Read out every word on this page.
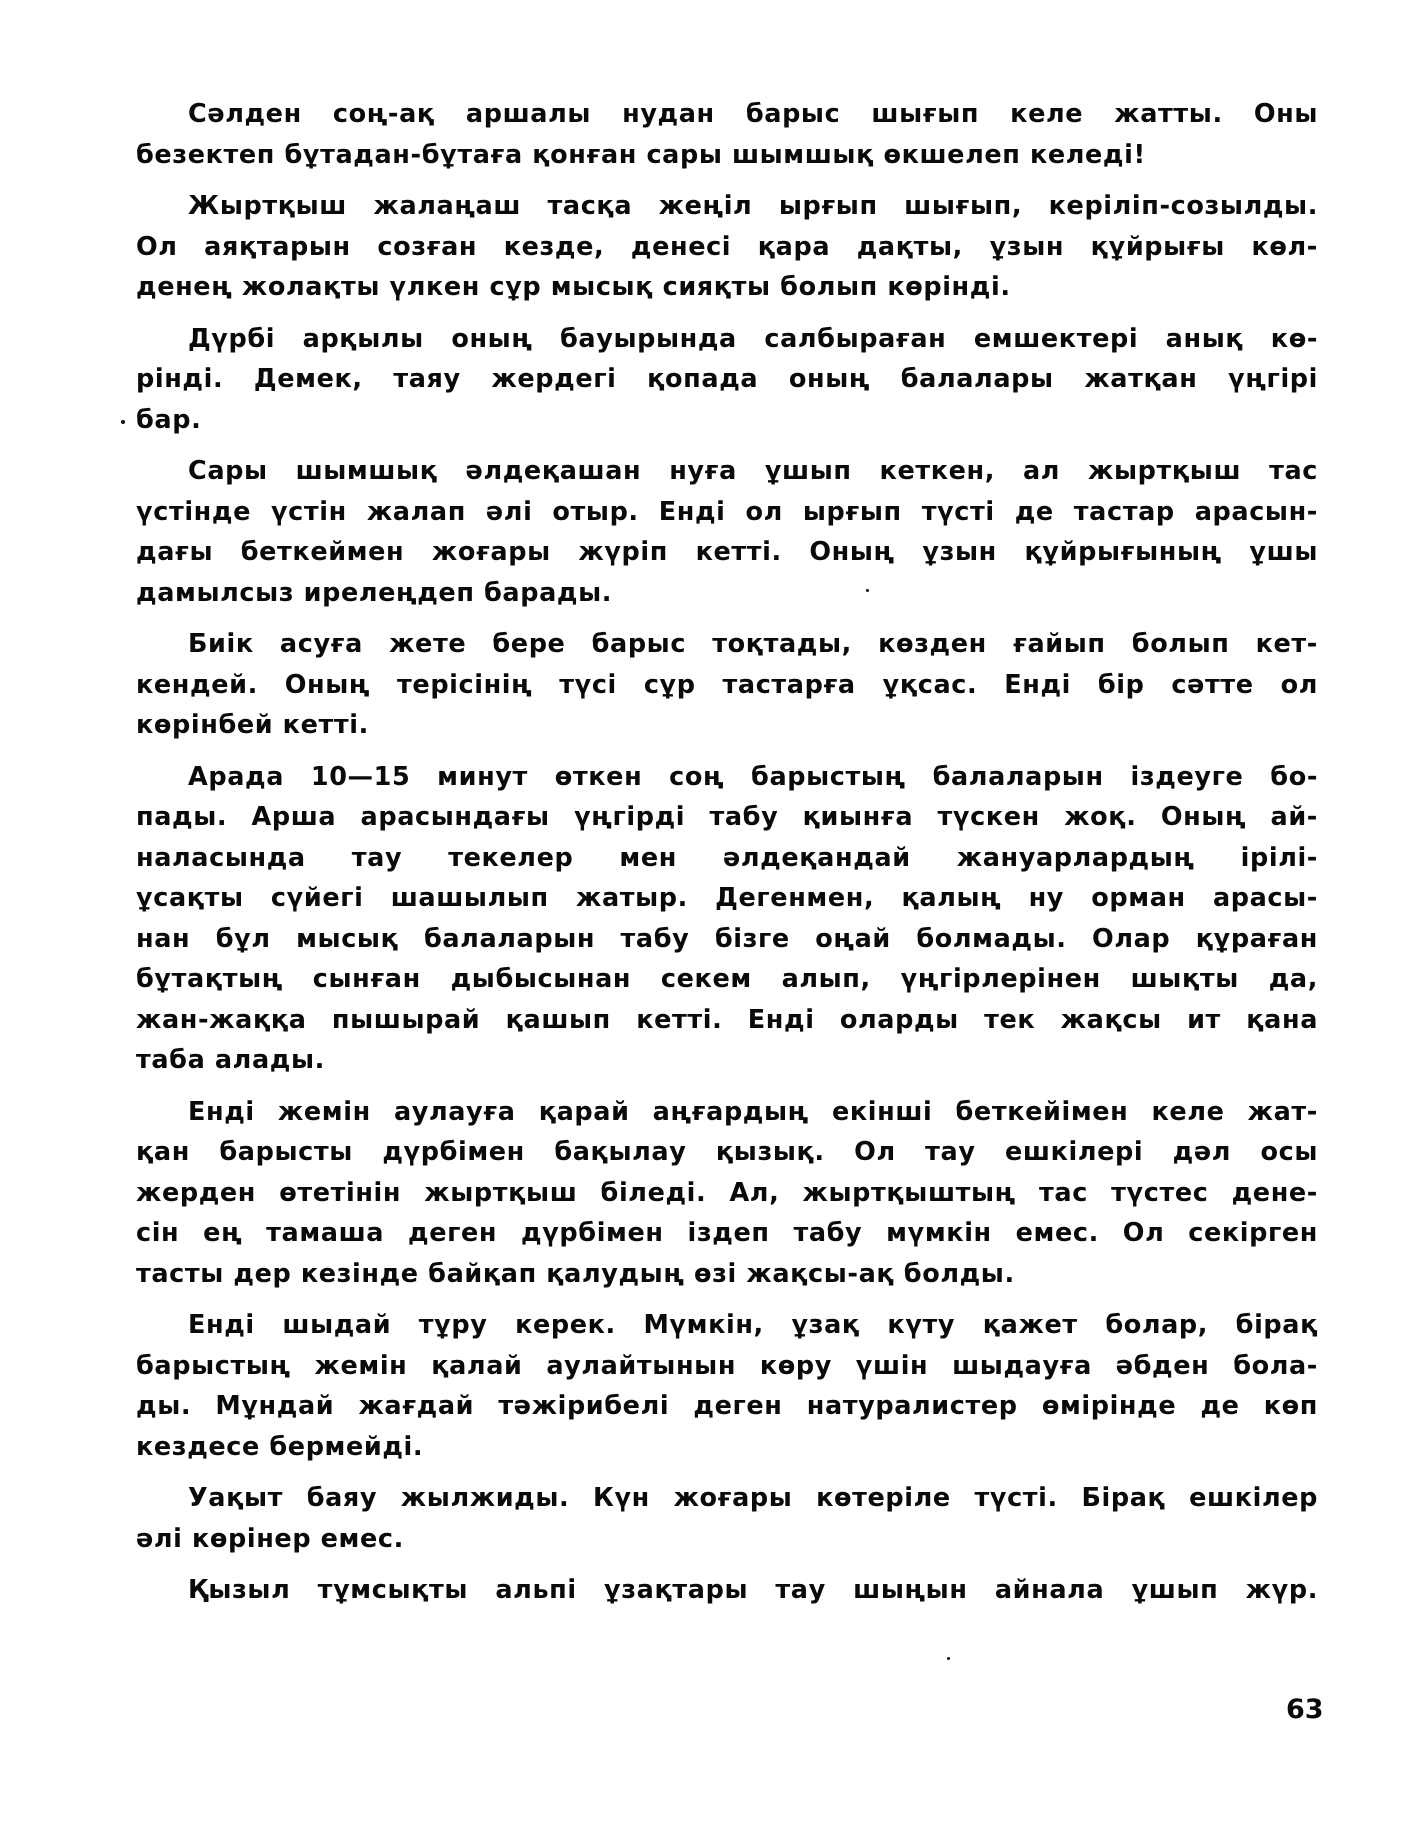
Сәлден соң-ақ аршалы нудан барыс шығып келе жатты. Оны
безектеп бұтадан-бұтаға қонған сары шымшық өкшелеп келеді!
Жыртқыш жалаңаш тасқа жеңіл ырғып шығып, керіліп-созылды.
Ол аяқтарын созған кезде, денесі қара дақты, ұзын құйрығы көл-
денең жолақты үлкен сұр мысық сияқты болып көрінді.
Дүрбі арқылы оның бауырында салбыраған емшектері анық кө-
рінді. Демек, таяу жердегі қопада оның балалары жатқан үңгірі
бар.
Сары шымшық әлдеқашан нуға ұшып кеткен, ал жыртқыш тас
үстінде үстін жалап әлі отыр. Енді ол ырғып түсті де тастар арасын-
дағы беткеймен жоғары жүріп кетті. Оның ұзын құйрығының ұшы
дамылсыз ирелеңдеп барады.
Биік асуға жете бере барыс тоқтады, көзден ғайып болып кет-
кендей. Оның терісінің түсі сұр тастарға ұқсас. Енді бір сәтте ол
көрінбей кетті.
Арада 10—15 минут өткен соң барыстың балаларын іздеуге бо-
пады. Арша арасындағы үңгірді табу қиынға түскен жоқ. Оның ай-
наласында тау текелер мен әлдеқандай жануарлардың ірілі-
ұсақты сүйегі шашылып жатыр. Дегенмен, қалың ну орман арасы-
нан бұл мысық балаларын табу бізге оңай болмады. Олар құраған
бұтақтың сынған дыбысынан секем алып, үңгірлерінен шықты да,
жан-жаққа пышырай қашып кетті. Енді оларды тек жақсы ит қана
таба алады.
Енді жемін аулауға қарай аңғардың екінші беткейімен келе жат-
қан барысты дүрбімен бақылау қызық. Ол тау ешкілері дәл осы
жерден өтетінін жыртқыш біледі. Ал, жыртқыштың тас түстес дене-
сін ең тамаша деген дүрбімен іздеп табу мүмкін емес. Ол секірген
тасты дер кезінде байқап қалудың өзі жақсы-ақ болды.
Енді шыдай тұру керек. Мүмкін, ұзақ күту қажет болар, бірақ
барыстың жемін қалай аулайтынын көру үшін шыдауға әбден бола-
ды. Мұндай жағдай тәжірибелі деген натуралистер өмірінде де көп
кездесе бермейді.
Уақыт баяу жылжиды. Күн жоғары көтеріле түсті. Бірақ ешкілер
әлі көрінер емес.
Қызыл тұмсықты альпі ұзақтары тау шыңын айнала ұшып жүр.
63
